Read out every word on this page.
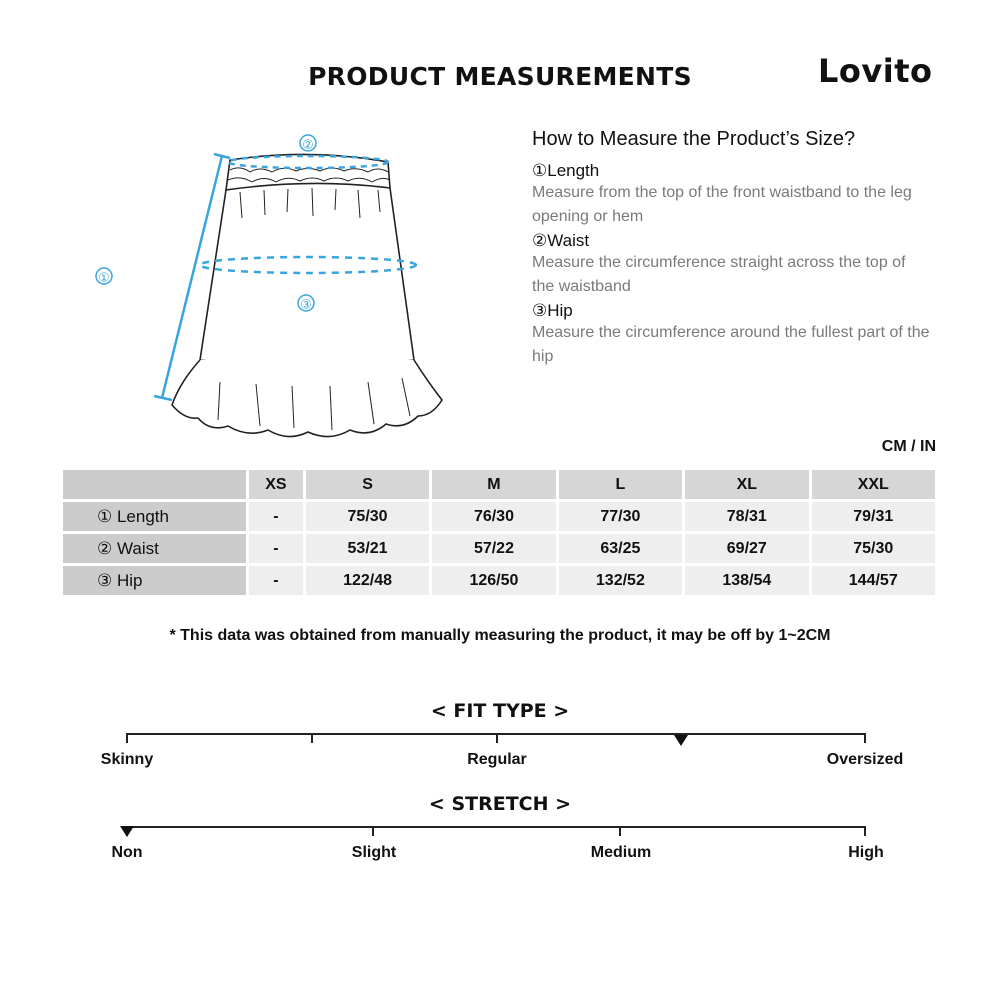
PRODUCT MEASUREMENTS	Lovito
②
①
③
How to Measure the Product’s Size?
①Length
Measure from the top of the front waistband to the leg opening or hem
②Waist
Measure the circumference straight across the top of the waistband
③Hip
Measure the circumference around the fullest part of the hip
CM / IN
	XS	S	M	L	XL	XXL
① Length	-	75/30	76/30	77/30	78/31	79/31
② Waist	-	53/21	57/22	63/25	69/27	75/30
③ Hip	-	122/48	126/50	132/52	138/54	144/57
* This data was obtained from manually measuring the product, it may be off by 1~2CM
< FIT TYPE >
Skinny	Regular	Oversized
< STRETCH >
Non	Slight	Medium	High
